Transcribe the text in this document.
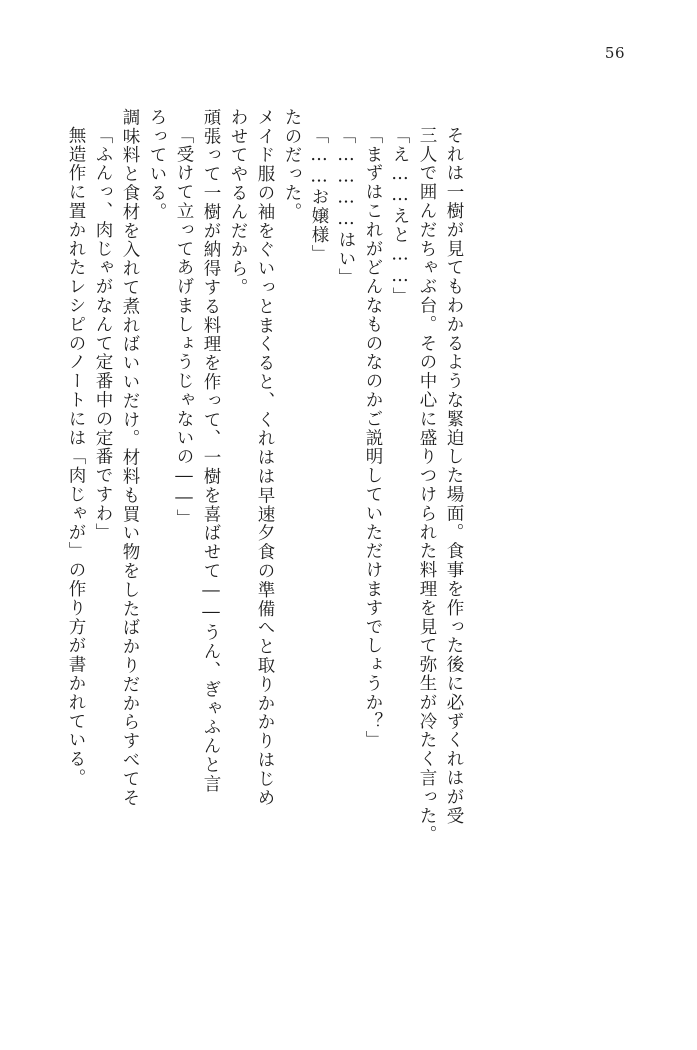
56
無造作に置かれたレシピのノートには「肉じゃが」の作り方が書かれている。 「ふんっ、肉じゃがなんて定番中の定番ですわ」 調味料と食材を入れて煮ればいいだけ。材料も買い物をしたばかりだからすべてそ ろっている。 「受けて立ってあげましょうじゃないの――」 頑張って一樹が納得する料理を作って、一樹を喜ばせて――うん、ぎゃふんと言 わせてやるんだから。 メイド服の袖をぐいっとまくると、くれはは早速夕食の準備へと取りかかりはじめ たのだった。 「……お嬢様」 「…………はい」 「まずはこれがどんなものなのかご説明していただけますでしょうか？」 「え……えと……」 三人で囲んだちゃぶ台。その中心に盛りつけられた料理を見て弥生が冷たく言った。 それは一樹が見てもわかるような緊迫した場面。食事を作った後に必ずくれはが受
